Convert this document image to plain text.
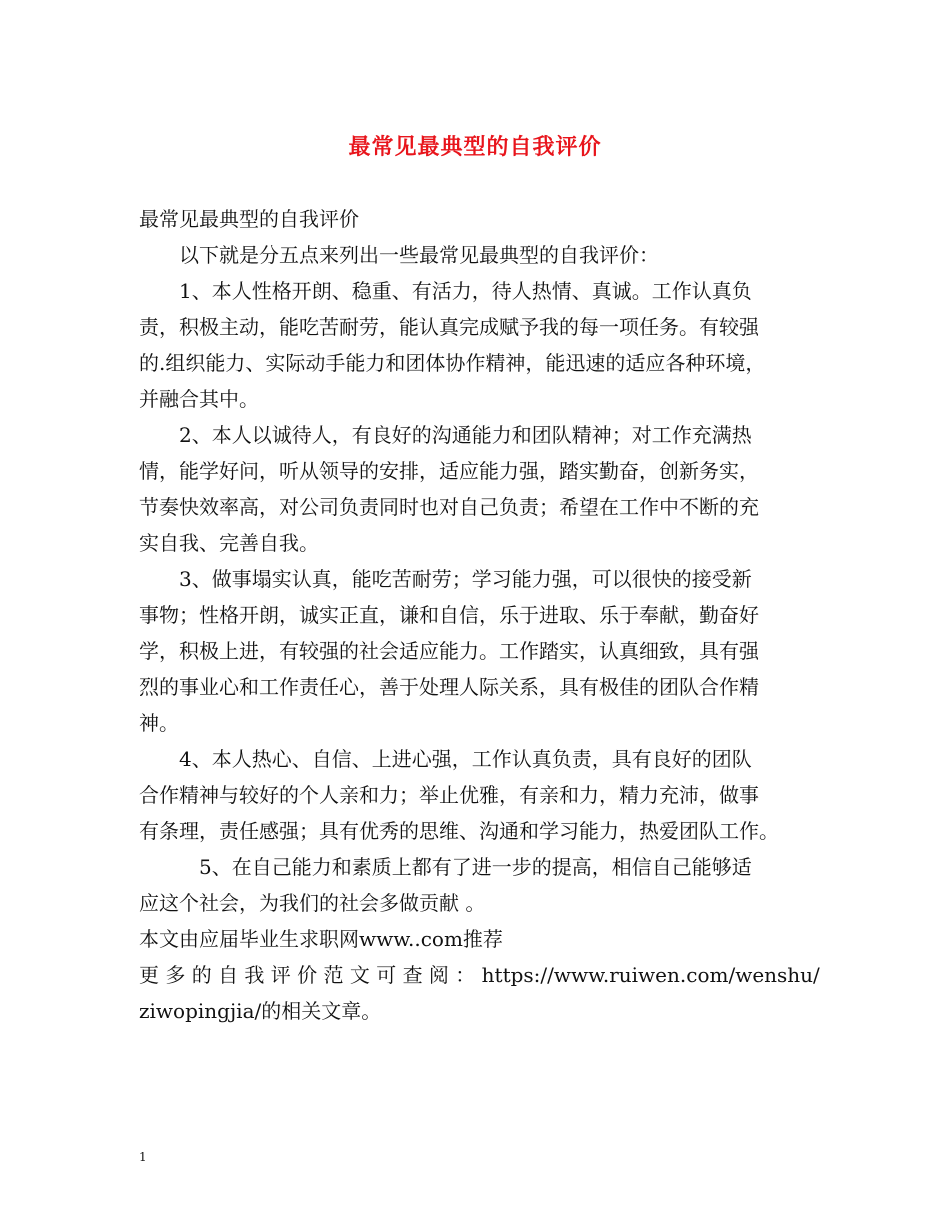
最常见最典型的自我评价
最常见最典型的自我评价
　　以下就是分五点来列出一些最常见最典型的自我评价：
　　1、本人性格开朗、稳重、有活力，待人热情、真诚。工作认真负
责，积极主动，能吃苦耐劳，能认真完成赋予我的每一项任务。有较强
的.组织能力、实际动手能力和团体协作精神，能迅速的适应各种环境，
并融合其中。
　　2、本人以诚待人，有良好的沟通能力和团队精神；对工作充满热
情，能学好问，听从领导的安排，适应能力强，踏实勤奋，创新务实，
节奏快效率高，对公司负责同时也对自己负责；希望在工作中不断的充
实自我、完善自我。
　　3、做事塌实认真，能吃苦耐劳；学习能力强，可以很快的接受新
事物；性格开朗，诚实正直，谦和自信，乐于进取、乐于奉献，勤奋好
学，积极上进，有较强的社会适应能力。工作踏实，认真细致，具有强
烈的事业心和工作责任心，善于处理人际关系，具有极佳的团队合作精
神。
　　4、本人热心、自信、上进心强，工作认真负责，具有良好的团队
合作精神与较好的个人亲和力；举止优雅，有亲和力，精力充沛，做事
有条理，责任感强；具有优秀的思维、沟通和学习能力，热爱团队工作。
　　　5、在自己能力和素质上都有了进一步的提高，相信自己能够适
应这个社会，为我们的社会多做贡献 。
本文由应届毕业生求职网www..com推荐
更 多 的 自 我 评 价 范 文 可 查 阅 ： https://www.ruiwen.com/wenshu/
ziwopingjia/的相关文章。
1
